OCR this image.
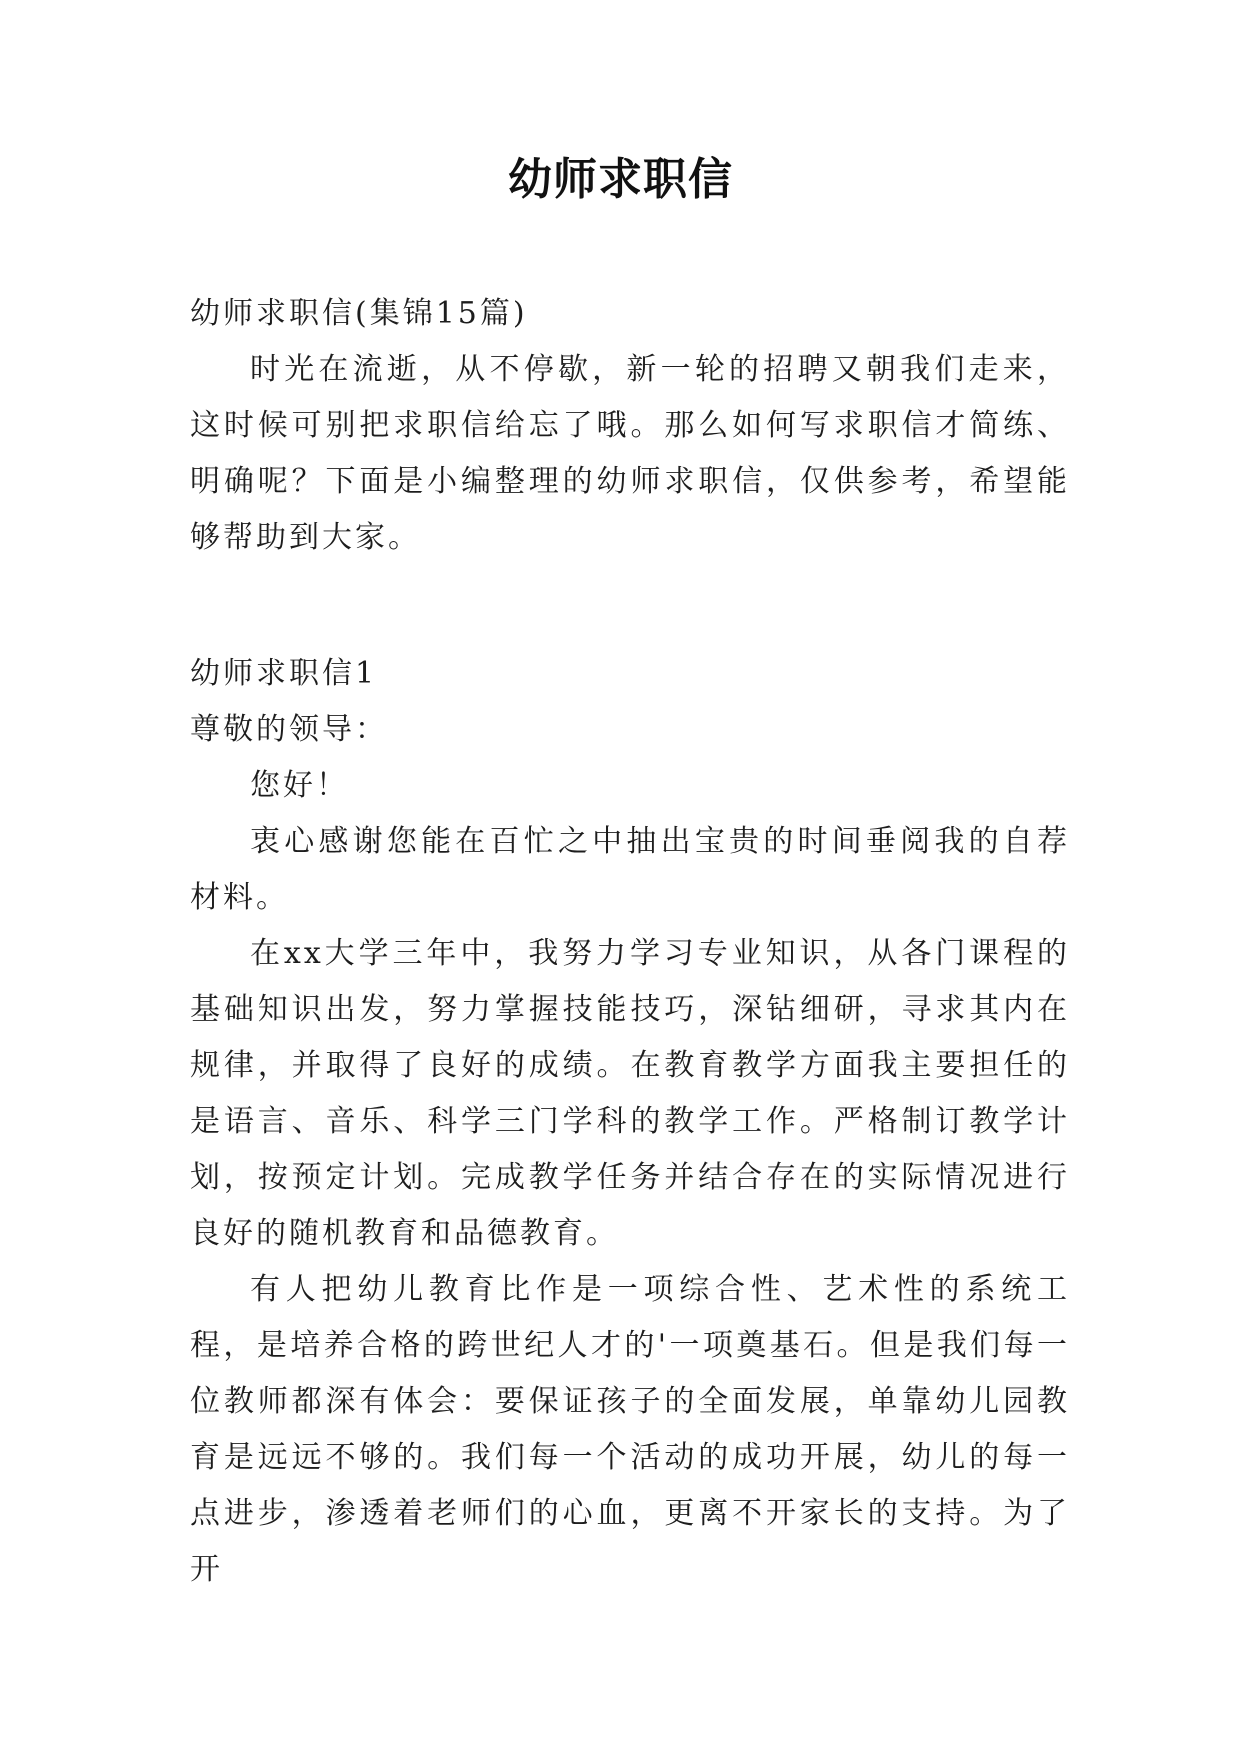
幼师求职信

幼师求职信(集锦15篇)

时光在流逝，从不停歇，新一轮的招聘又朝我们走来，这时候可别把求职信给忘了哦。那么如何写求职信才简练、明确呢？下面是小编整理的幼师求职信，仅供参考，希望能够帮助到大家。

幼师求职信1

尊敬的领导：

您好！

衷心感谢您能在百忙之中抽出宝贵的时间垂阅我的自荐材料。

在xx大学三年中，我努力学习专业知识，从各门课程的基础知识出发，努力掌握技能技巧，深钻细研，寻求其内在规律，并取得了良好的成绩。在教育教学方面我主要担任的是语言、音乐、科学三门学科的教学工作。严格制订教学计划，按预定计划。完成教学任务并结合存在的实际情况进行良好的随机教育和品德教育。

有人把幼儿教育比作是一项综合性、艺术性的系统工程，是培养合格的跨世纪人才的'一项奠基石。但是我们每一位教师都深有体会：要保证孩子的全面发展，单靠幼儿园教育是远远不够的。我们每一个活动的成功开展，幼儿的每一点进步，渗透着老师们的心血，更离不开家长的支持。为了开
